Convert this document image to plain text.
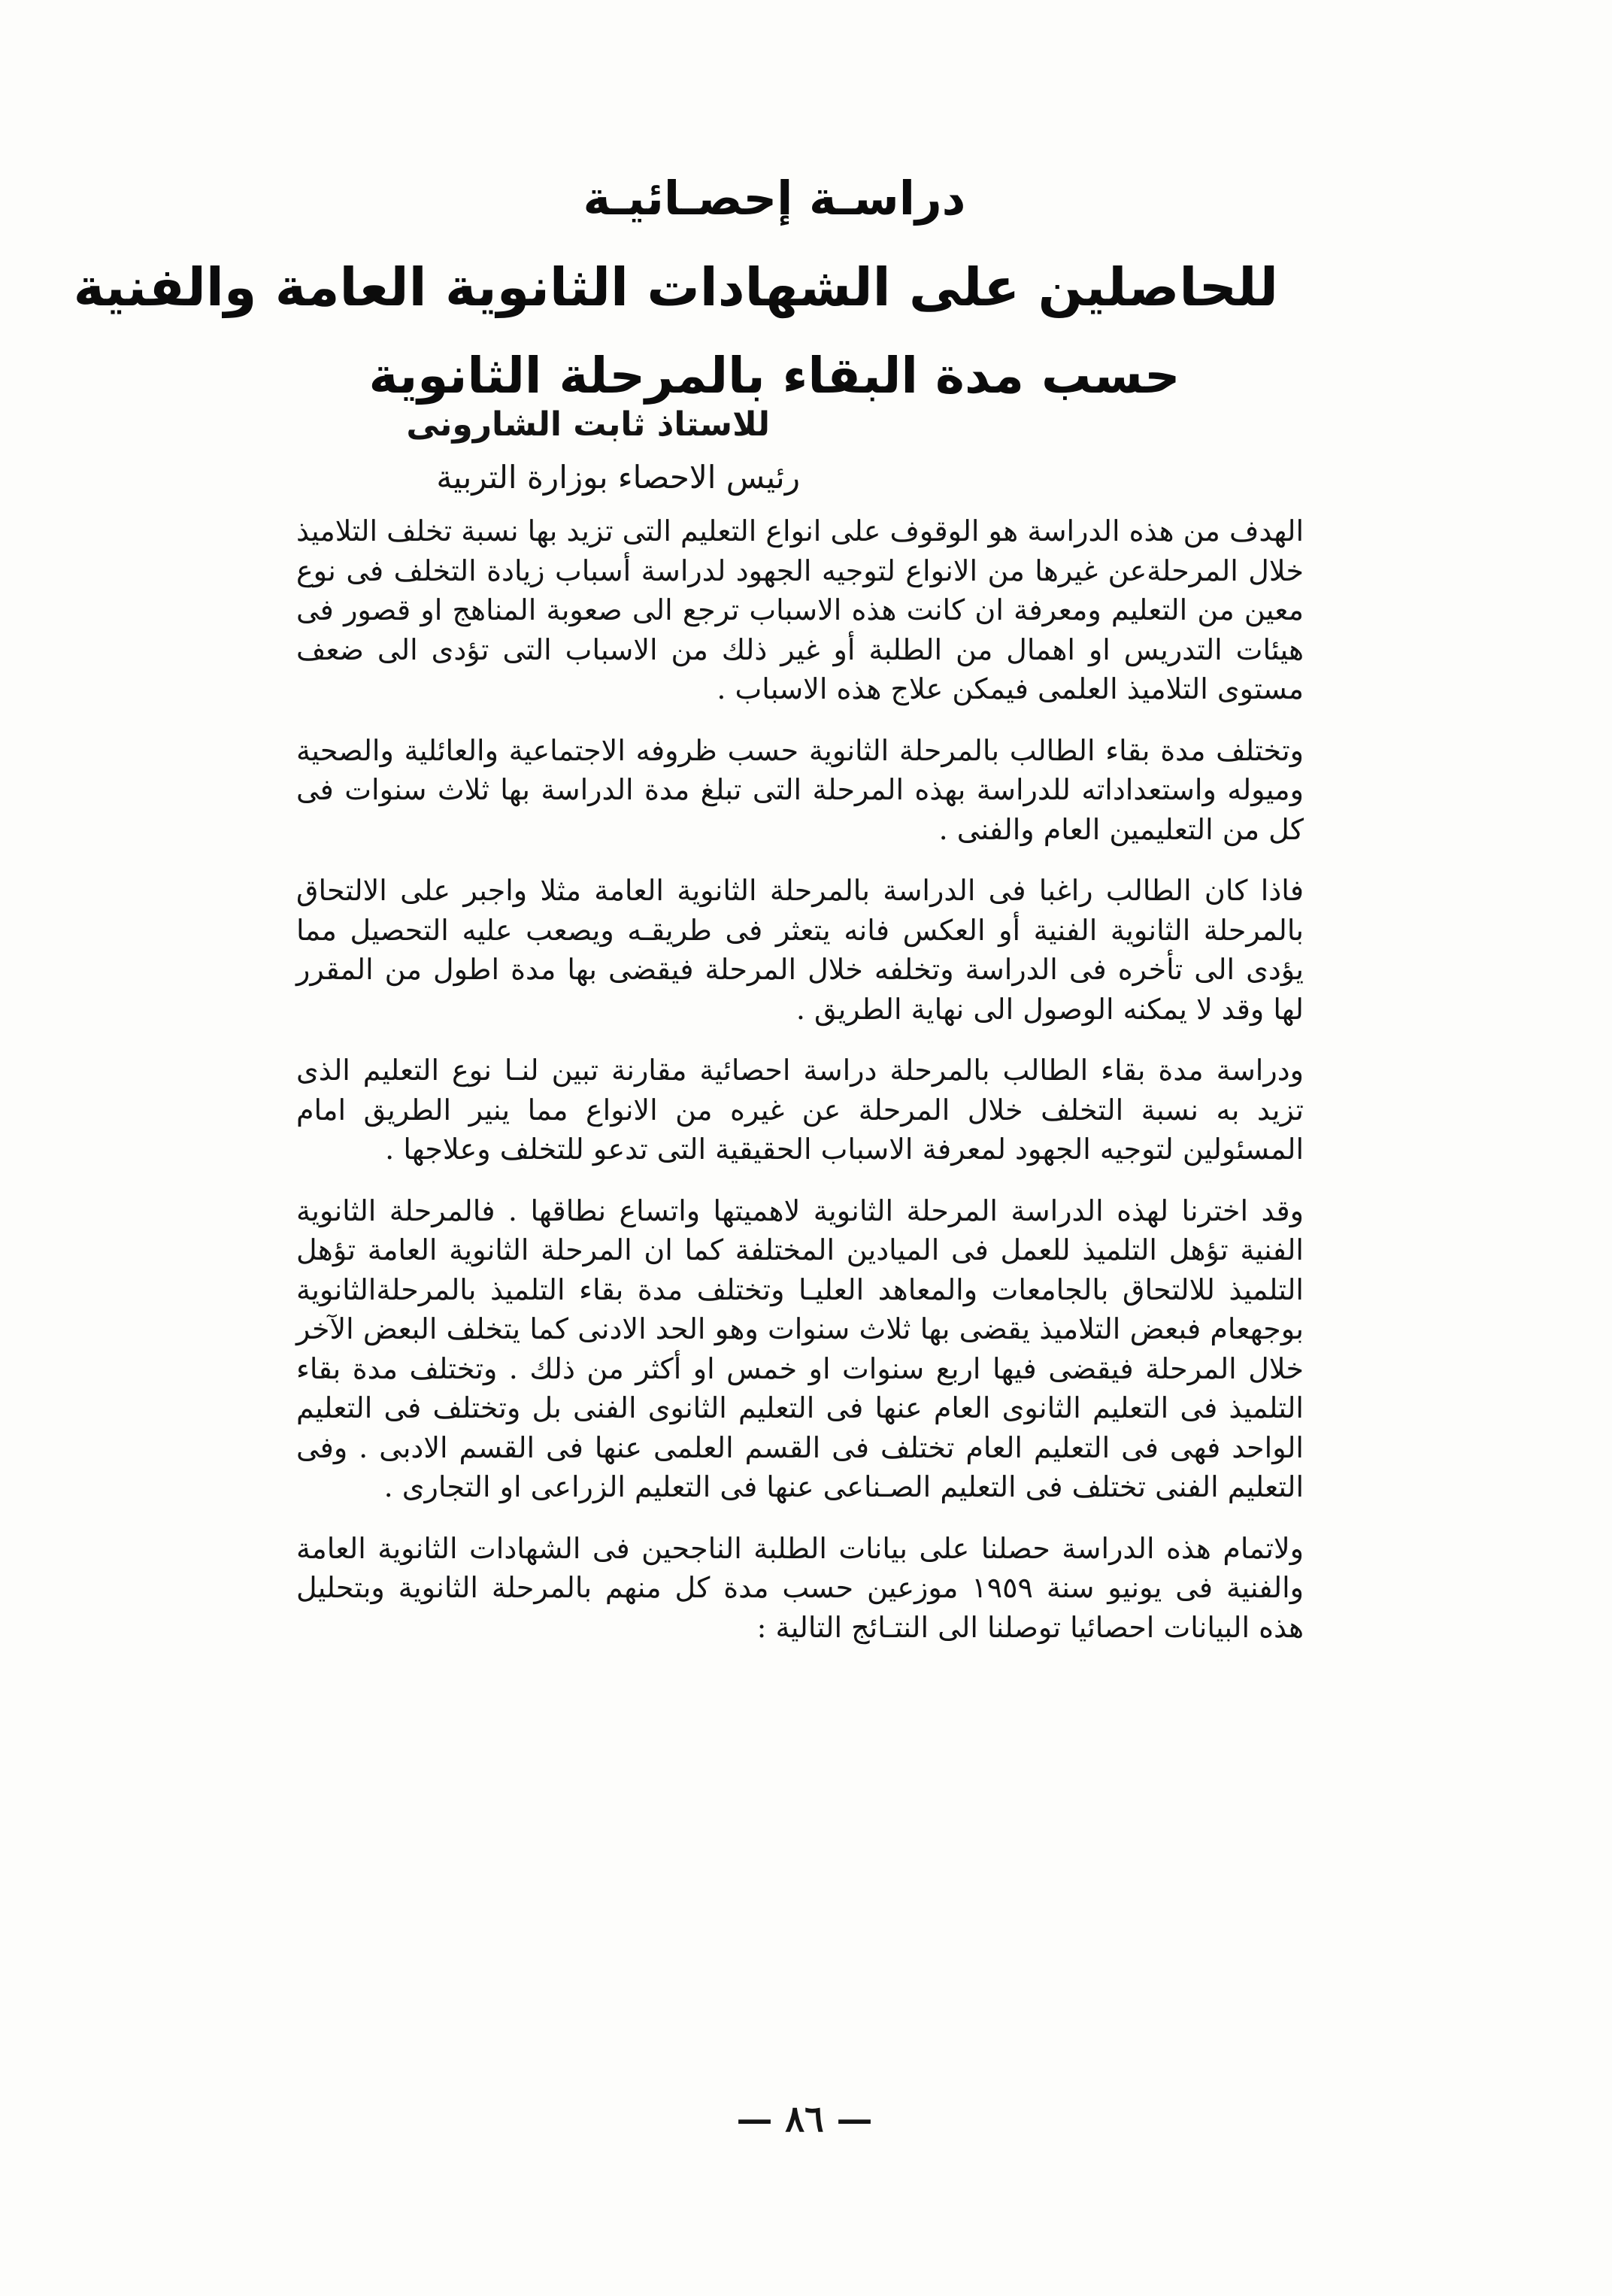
دراسـة إحصـائيـة
للحاصلين على الشهادات الثانوية العامة والفنية
حسب مدة البقاء بالمرحلة الثانوية
للاستاذ ثابت الشارونى
رئيس الاحصاء بوزارة التربية

الهدف من هذه الدراسة هو الوقوف على انواع التعليم التى تزيد بها نسبة تخلف التلاميذ خلال المرحلةعن غيرها من الانواع لتوجيه الجهود لدراسة أسباب زيادة التخلف فى نوع معين من التعليم ومعرفة ان كانت هذه الاسباب ترجع الى صعوبة المناهج او قصور فى هيئات التدريس او اهمال من الطلبة أو غير ذلك من الاسباب التى تؤدى الى ضعف مستوى التلاميذ العلمى فيمكن علاج هذه الاسباب .

وتختلف مدة بقاء الطالب بالمرحلة الثانوية حسب ظروفه الاجتماعية والعائلية والصحية وميوله واستعداداته للدراسة بهذه المرحلة التى تبلغ مدة الدراسة بها ثلاث سنوات فى كل من التعليمين العام والفنى .

فاذا كان الطالب راغبا فى الدراسة بالمرحلة الثانوية العامة مثلا واجبر على الالتحاق بالمرحلة الثانوية الفنية أو العكس فانه يتعثر فى طريقـه ويصعب عليه التحصيل مما يؤدى الى تأخره فى الدراسة وتخلفه خلال المرحلة فيقضى بها مدة اطول من المقرر لها وقد لا يمكنه الوصول الى نهاية الطريق .

ودراسة مدة بقاء الطالب بالمرحلة دراسة احصائية مقارنة تبين لنـا نوع التعليم الذى تزيد به نسبة التخلف خلال المرحلة عن غيره من الانواع مما ينير الطريق امام المسئولين لتوجيه الجهود لمعرفة الاسباب الحقيقية التى تدعو للتخلف وعلاجها .

وقد اخترنا لهذه الدراسة المرحلة الثانوية لاهميتها واتساع نطاقها . فالمرحلة الثانوية الفنية تؤهل التلميذ للعمل فى الميادين المختلفة كما ان المرحلة الثانوية العامة تؤهل التلميذ للالتحاق بالجامعات والمعاهد العليـا وتختلف مدة بقاء التلميذ بالمرحلةالثانوية بوجهعام فبعض التلاميذ يقضى بها ثلاث سنوات وهو الحد الادنى كما يتخلف البعض الآخر خلال المرحلة فيقضى فيها اربع سنوات او خمس او أكثر من ذلك . وتختلف مدة بقاء التلميذ فى التعليم الثانوى العام عنها فى التعليم الثانوى الفنى بل وتختلف فى التعليم الواحد فهى فى التعليم العام تختلف فى القسم العلمى عنها فى القسم الادبى . وفى التعليم الفنى تختلف فى التعليم الصـناعى عنها فى التعليم الزراعى او التجارى .

ولاتمام هذه الدراسة حصلنا على بيانات الطلبة الناجحين فى الشهادات الثانوية العامة والفنية فى يونيو سنة ١٩٥٩ موزعين حسب مدة كل منهم بالمرحلة الثانوية وبتحليل هذه البيانات احصائيا توصلنا الى النتـائج التالية :

— ٨٦ —
